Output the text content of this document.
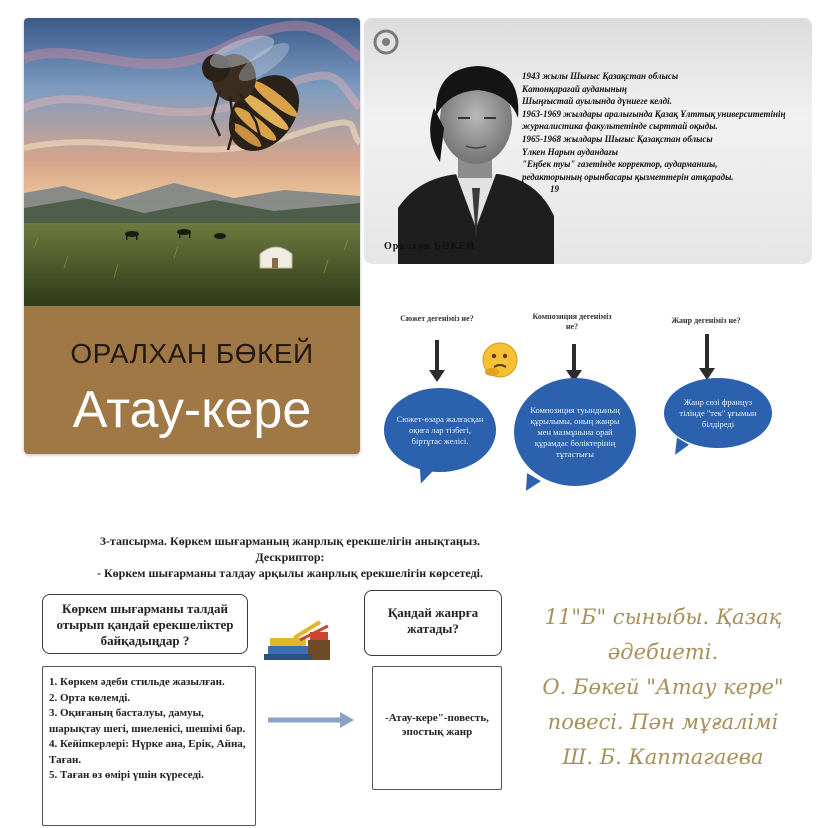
ОРАЛХАН БӨКЕЙ
Атау-кере
1943 жылы Шығыс Қазақстан облысы
Катонқарағай ауданының
Шыңғыстай ауылында дүниеге келді.
1963-1969 жылдары аралығында Қазақ Ұлттық университетінің
журналистика факультетінде сырттай оқыды.
1965-1968 жылдары Шығыс Қазақстан облысы
Үлкен Нарын аудандағы
"Еңбек туы" газетінде корректор, аударманшы,
редакторының орынбасары қызметтерін атқарады.
19
Оралхан БӨКЕЙ
Сюжет дегеніміз не?	Композиция дегеніміз не?
Жанр дегеніміз не?
Сюжет-өзара жалғасқан оқиға лар тізбегі, біртұтас желісі.
Композиция туындының құрылымы, оның жанры мен мазмұнына орай құрамдас бөліктерінің тұтастығы
Жанр сөзі француз тілінде "тек" ұғымын білдіреді
3-тапсырма. Көркем шығарманың жанрлық ерекшелігін анықтаңыз.
Дескриптор:
- Көркем шығарманы талдау арқылы жанрлық ерекшелігін көрсетеді.
Көркем шығарманы талдай отырып қандай ерекшеліктер байқадыңдар ?
Қандай жанрға жатады?
1. Көркем әдеби стильде жазылған.
2. Орта көлемді.
3. Оқиғаның басталуы, дамуы, шарықтау шегі, шиеленісі, шешімі бар.
4. Кейіпкерлері: Нүрке ана, Ерік, Айна, Таған.
5. Таған өз өмірі үшін күреседі.
-Атау-кере"-повесть, эпостық жанр
11"Б" сыныбы. Қазақ
әдебиеті.
О. Бөкей "Атау кере"
повесі. Пән мұғалімі
Ш. Б. Каптагаева
